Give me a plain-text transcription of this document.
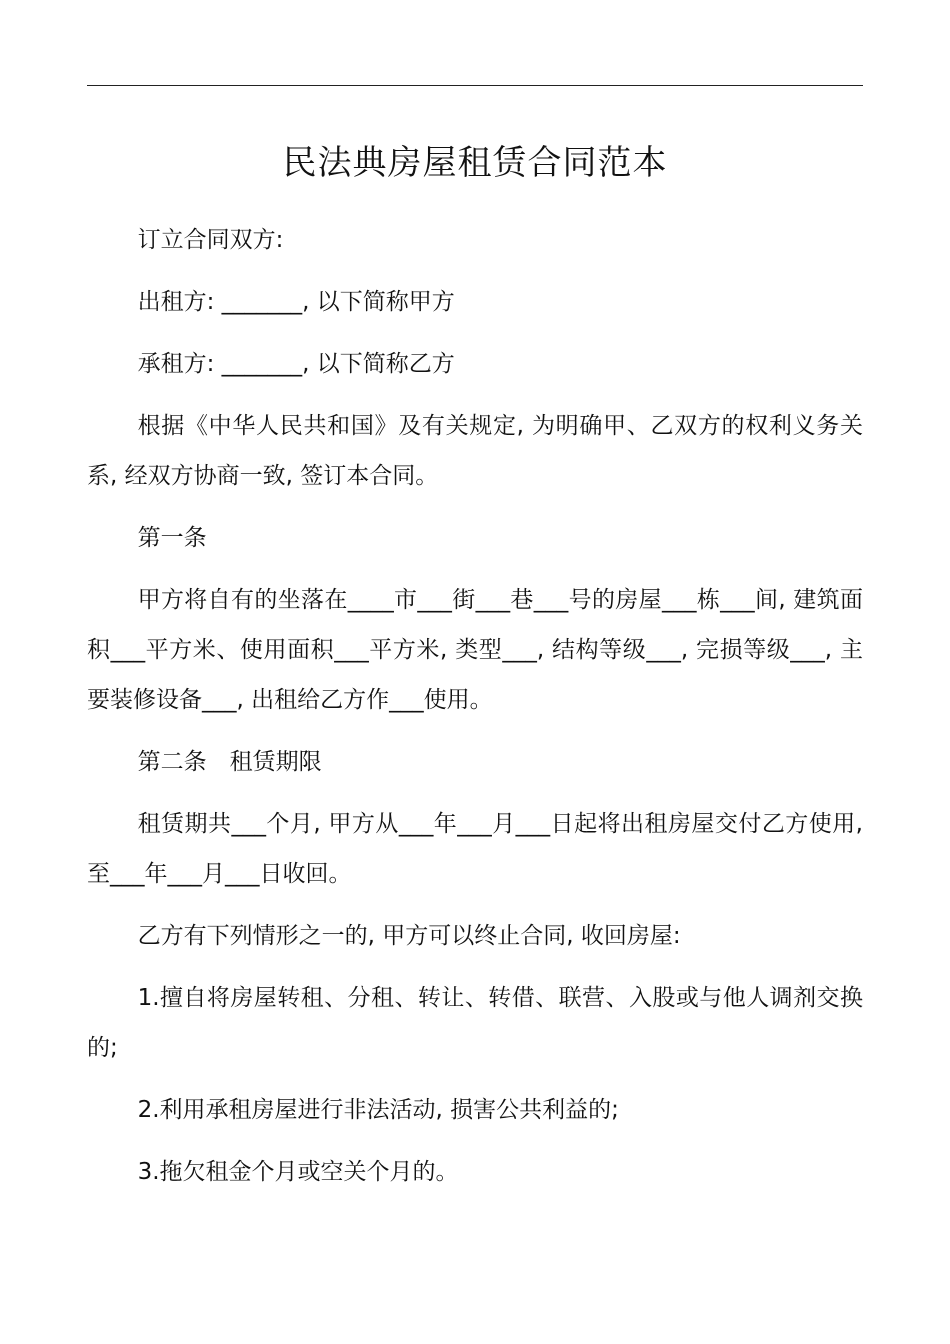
民法典房屋租赁合同范本

订立合同双方:

出租方: _______, 以下简称甲方

承租方: _______, 以下简称乙方

根据《中华人民共和国》及有关规定, 为明确甲、乙双方的权利义务关系, 经双方协商一致, 签订本合同。

第一条

甲方将自有的坐落在____市___街___巷___号的房屋___栋___间, 建筑面积___平方米、使用面积___平方米, 类型___, 结构等级___, 完损等级___, 主要装修设备___, 出租给乙方作___使用。

第二条　租赁期限

租赁期共___个月, 甲方从___年___月___日起将出租房屋交付乙方使用, 至___年___月___日收回。

乙方有下列情形之一的, 甲方可以终止合同, 收回房屋:

1.擅自将房屋转租、分租、转让、转借、联营、入股或与他人调剂交换的;

2.利用承租房屋进行非法活动, 损害公共利益的;

3.拖欠租金个月或空关个月的。
